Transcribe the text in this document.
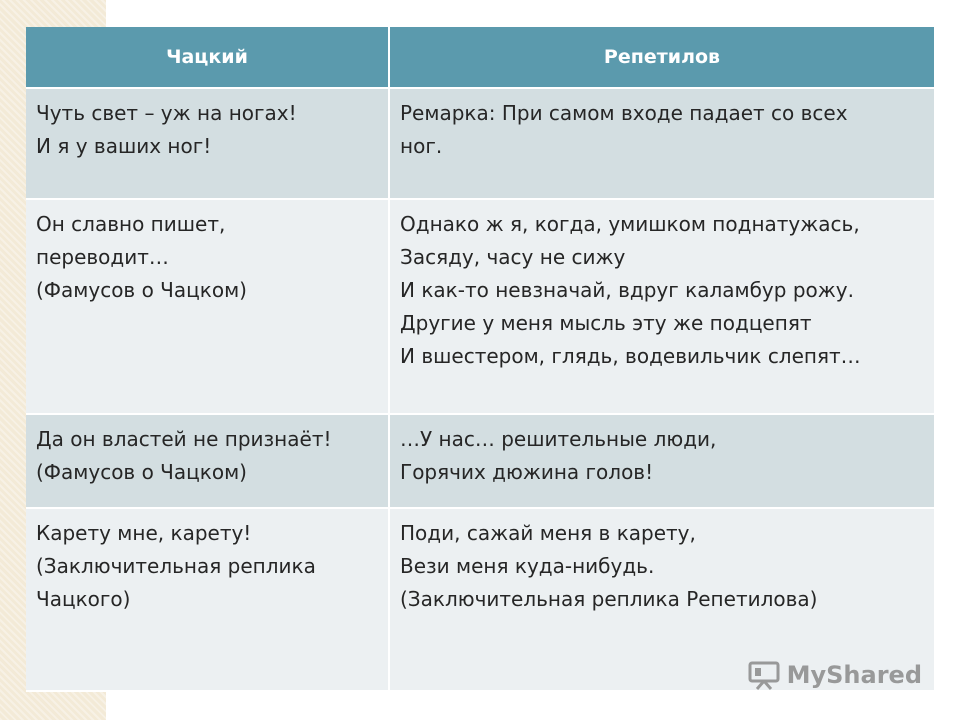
Чацкий	Репетилов

Чуть свет – уж на ногах!
И я у ваших ног!	Ремарка: При самом входе падает со всех
ног.

Он славно пишет,
переводит…
(Фамусов о Чацком)	Однако ж я, когда, умишком поднатужась,
Засяду, часу не сижу
И как-то невзначай, вдруг каламбур рожу.
Другие у меня мысль эту же подцепят
И вшестером, глядь, водевильчик слепят…

Да он властей не признаёт!
(Фамусов о Чацком)	…У нас… решительные люди,
Горячих дюжина голов!

Карету мне, карету!
(Заключительная реплика
Чацкого)	Поди, сажай меня в карету,
Вези меня куда-нибудь.
(Заключительная реплика Репетилова)
MyShared
